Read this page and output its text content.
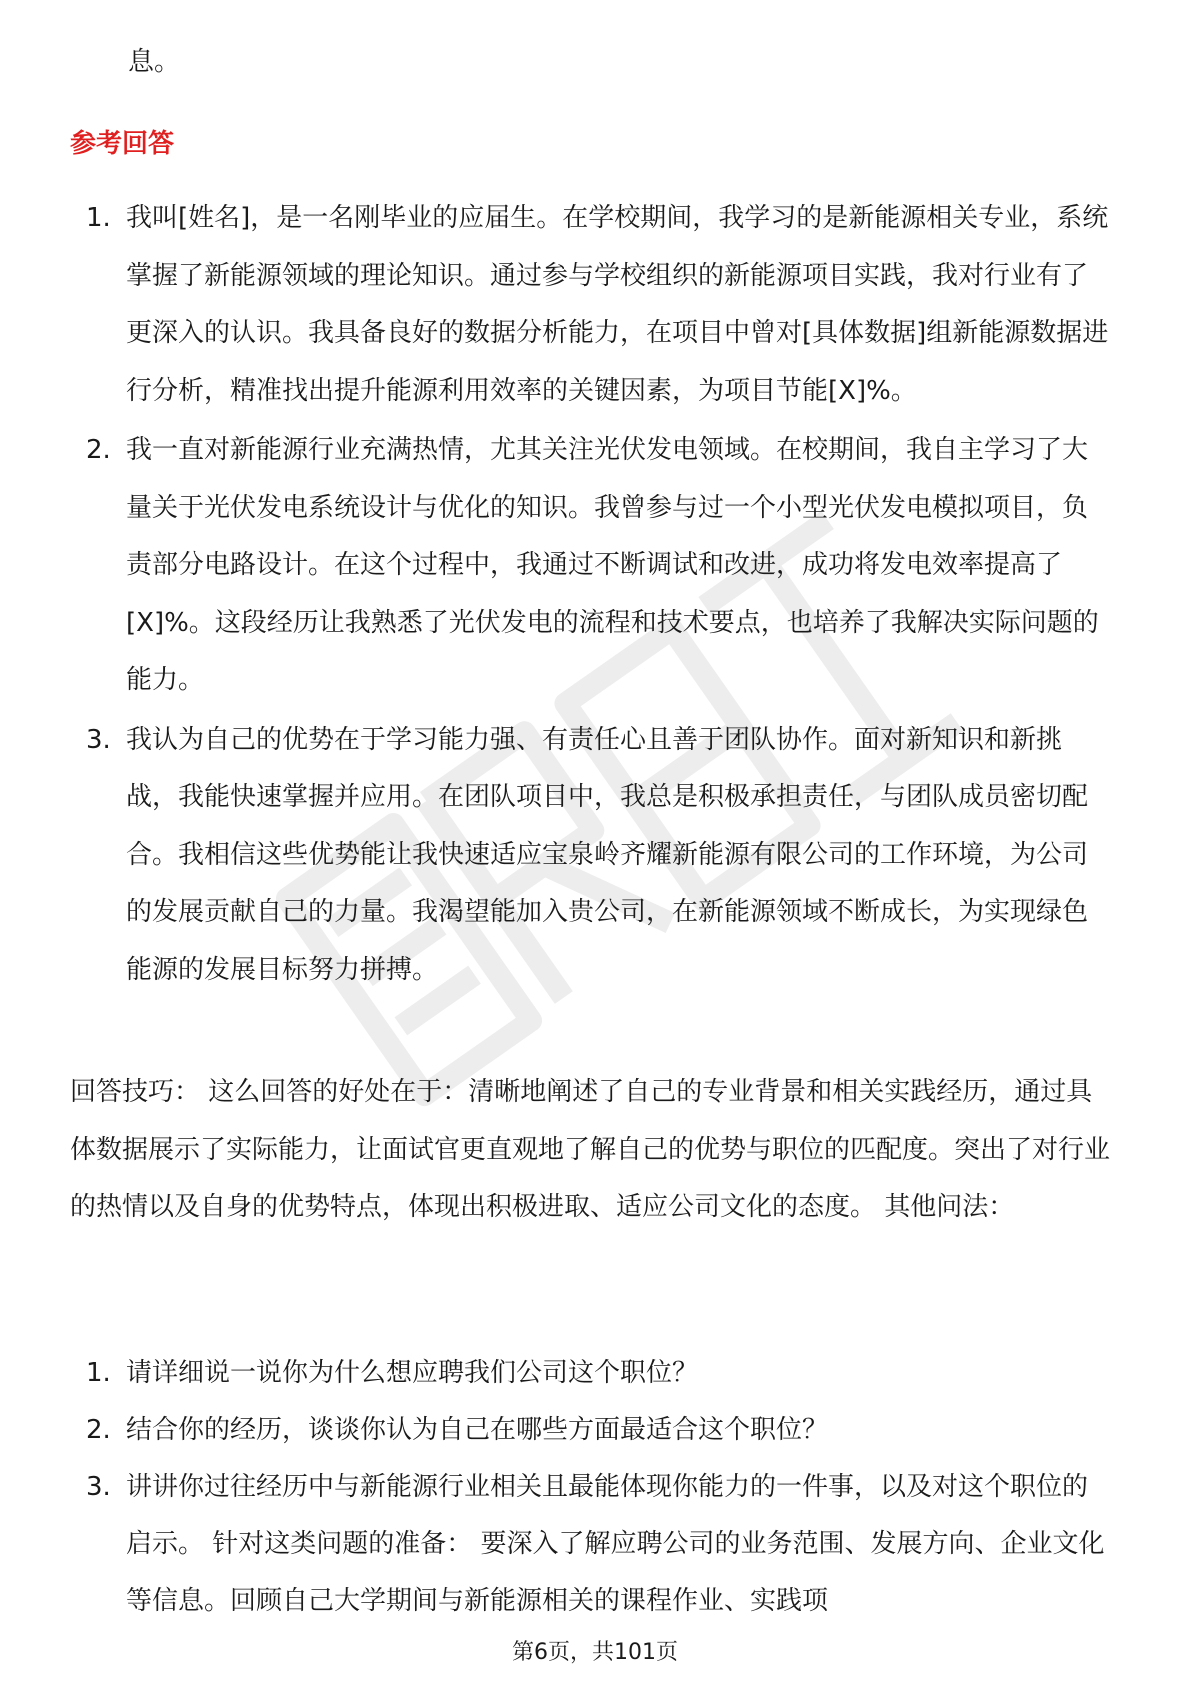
息。
参考回答
1. 我叫[姓名]，是一名刚毕业的应届生。在学校期间，我学习的是新能源相关专业，系统掌握了新能源领域的理论知识。通过参与学校组织的新能源项目实践，我对行业有了更深入的认识。我具备良好的数据分析能力，在项目中曾对[具体数据]组新能源数据进行分析，精准找出提升能源利用效率的关键因素，为项目节能[X]%。
2. 我一直对新能源行业充满热情，尤其关注光伏发电领域。在校期间，我自主学习了大量关于光伏发电系统设计与优化的知识。我曾参与过一个小型光伏发电模拟项目，负责部分电路设计。在这个过程中，我通过不断调试和改进，成功将发电效率提高了[X]%。这段经历让我熟悉了光伏发电的流程和技术要点，也培养了我解决实际问题的能力。
3. 我认为自己的优势在于学习能力强、有责任心且善于团队协作。面对新知识和新挑战，我能快速掌握并应用。在团队项目中，我总是积极承担责任，与团队成员密切配合。我相信这些优势能让我快速适应宝泉岭齐耀新能源有限公司的工作环境，为公司的发展贡献自己的力量。我渴望能加入贵公司，在新能源领域不断成长，为实现绿色能源的发展目标努力拼搏。

回答技巧： 这么回答的好处在于：清晰地阐述了自己的专业背景和相关实践经历，通过具体数据展示了实际能力，让面试官更直观地了解自己的优势与职位的匹配度。突出了对行业的热情以及自身的优势特点，体现出积极进取、适应公司文化的态度。 其他问法：

1. 请详细说一说你为什么想应聘我们公司这个职位？
2. 结合你的经历，谈谈你认为自己在哪些方面最适合这个职位？
3. 讲讲你过往经历中与新能源行业相关且最能体现你能力的一件事，以及对这个职位的启示。 针对这类问题的准备： 要深入了解应聘公司的业务范围、发展方向、企业文化等信息。回顾自己大学期间与新能源相关的课程作业、实践项
第6页，共101页
